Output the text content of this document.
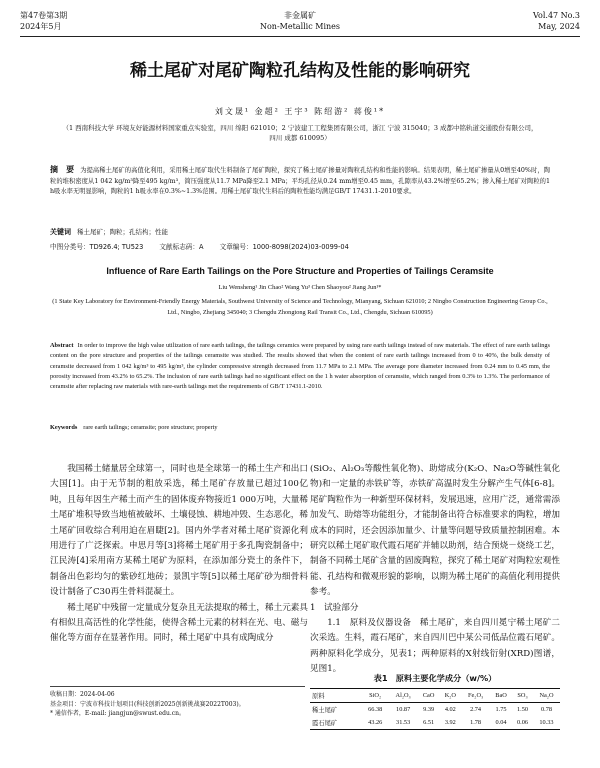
第47卷第3期
2024年5月
非金属矿
Non-Metallic Mines
Vol.47 No.3
May, 2024
稀土尾矿对尾矿陶粒孔结构及性能的影响研究
刘文晟¹ 金超² 王宇³ 陈绍游² 蒋俊¹*
（1 西南科技大学 环境友好能源材料国家重点实验室，四川 绵阳 621010；2 宁波建工工程集团有限公司，浙江 宁波 315040；3 成都中铭轨道交通股份有限公司，四川 成都 610095）
摘　要 为提高稀土尾矿的高值化利用，采用稀土尾矿取代生料制备了尾矿陶粒，探究了稀土尾矿掺量对陶粒孔结构和性能的影响。结果表明，稀土尾矿掺量从0增至40%时，陶粒的堆积密度从1 042 kg/m³降至495 kg/m³，简压强度从11.7 MPa降至2.1 MPa；平均孔径从0.24 mm增至0.45 mm，孔隙率从43.2%增至65.2%；掺入稀土尾矿对陶粒的1 h吸水率无明显影响，陶粒的1 h吸水率在0.3%~1.3%范围。用稀土尾矿取代生料后的陶粒性能均满足GB/T 17431.1-2010要求。
关键词 稀土尾矿；陶粒；孔结构；性能
中图分类号：TD926.4; TU523 文献标志码：A 文章编号：1000-8098(2024)03-0099-04
Influence of Rare Earth Tailings on the Pore Structure and Properties of Tailings Ceramsite
Liu Wensheng¹ Jin Chao² Wang Yu³ Chen Shaoyou² Jiang Jun¹*
(1 State Key Laboratory for Environment-Friendly Energy Materials, Southwest University of Science and Technology, Mianyang, Sichuan 621010; 2 Ningbo Construction Engineering Group Co., Ltd., Ningbo, Zhejiang 345040; 3 Chengdu Zhongtong Rail Transit Co., Ltd., Chengdu, Sichuan 610095)
Abstract In order to improve the high value utilization of rare earth tailings, the tailings ceramics were prepared by using rare earth tailings instead of raw materials. The effect of rare earth tailings content on the pore structure and properties of the tailings ceramsite was studied. The results showed that when the content of rare earth tailings increased from 0 to 40%, the bulk density of ceramsite decreased from 1 042 kg/m³ to 495 kg/m³, the cylinder compressive strength decreased from 11.7 MPa to 2.1 MPa. The average pore diameter increased from 0.24 mm to 0.45 mm, the porosity increased from 43.2% to 65.2%. The inclusion of rare earth tailings had no significant effect on the 1 h water absorption of ceramsite, which ranged from 0.3% to 1.3%. The performance of ceramsite after replacing raw materials with rare-earth tailings met the requirements of GB/T 17431.1-2010.
Keywords rare earth tailings; ceramsite; pore structure; property

我国稀土储量居全球第一，同时也是全球第一的稀土生产和出口大国[1]。由于无节制的粗放采选，稀土尾矿存放量已超过100亿吨，且每年因生产稀土而产生的固体废弃物接近1 000万吨，大量稀土尾矿堆积导致当地植被破坏、土壤侵蚀、耕地冲毁、生态恶化，稀土尾矿回收综合利用迫在眉睫[2]。国内外学者对稀土尾矿资源化利用进行了广泛探索。申思月等[3]将稀土尾矿用于多孔陶瓷制备中；江民涛[4]采用南方某稀土尾矿为原料，在添加部分瓷土的条件下，制备出色彩均匀的紫砂红地砖；景凯宇等[5]以稀土尾矿砂为细骨料设计制备了C30再生骨料混凝土。

稀土尾矿中残留一定量成分复杂且无法提取的稀土，稀土元素具有相似且高活性的化学性能，使得含稀土元素的材料在光、电、磁与催化等方面存在显著作用。同时，稀土尾矿中具有成陶成分

(SiO₂、Al₂O₃等酸性氧化物)、助熔成分(K₂O、Na₂O等碱性氧化物)和一定量的赤铁矿等，赤铁矿高温时发生分解产生气体[6-8]。尾矿陶粒作为一种新型环保材料，发展迅速，应用广泛，通常需添加发气、助熔等功能组分，才能制备出符合标准要求的陶粒，增加成本的同时，还会因添加量少、计量等问题导致质量控制困难。本研究以稀土尾矿取代霞石尾矿并辅以助剂，结合预烧－烧绕工艺，制备不同稀土尾矿含量的固废陶粒，探究了稀土尾矿对陶粒宏观性能、孔结构和微观形貌的影响，以期为稀土尾矿的高值化利用提供参考。

1　试验部分

1.1　原料及仪器设备　稀土尾矿，来自四川冕宁稀土尾矿二次采选。生料，霞石尾矿，来自四川巴中某公司低品位霞石尾矿。两种原料化学成分，见表1；两种原料的X射线衍射(XRD)图谱，见图1。

收稿日期：2024-04-06
基金项目：宁波市科技计划项目(科技创新2025创新挑战赛2022T003)。
* 通信作者，E-mail: jiangjun@swust.edu.cn。
表1　原料主要化学成分（w/%）
原料	SiO₂	Al₂O₃	CaO	K₂O	Fe₂O₃	BaO	SO₃	Na₂O
稀土尾矿	66.38	10.87	9.39	4.02	2.74	1.75	1.50	0.78
霞石尾矿	43.26	31.53	6.51	3.92	1.78	0.04	0.06	10.33
